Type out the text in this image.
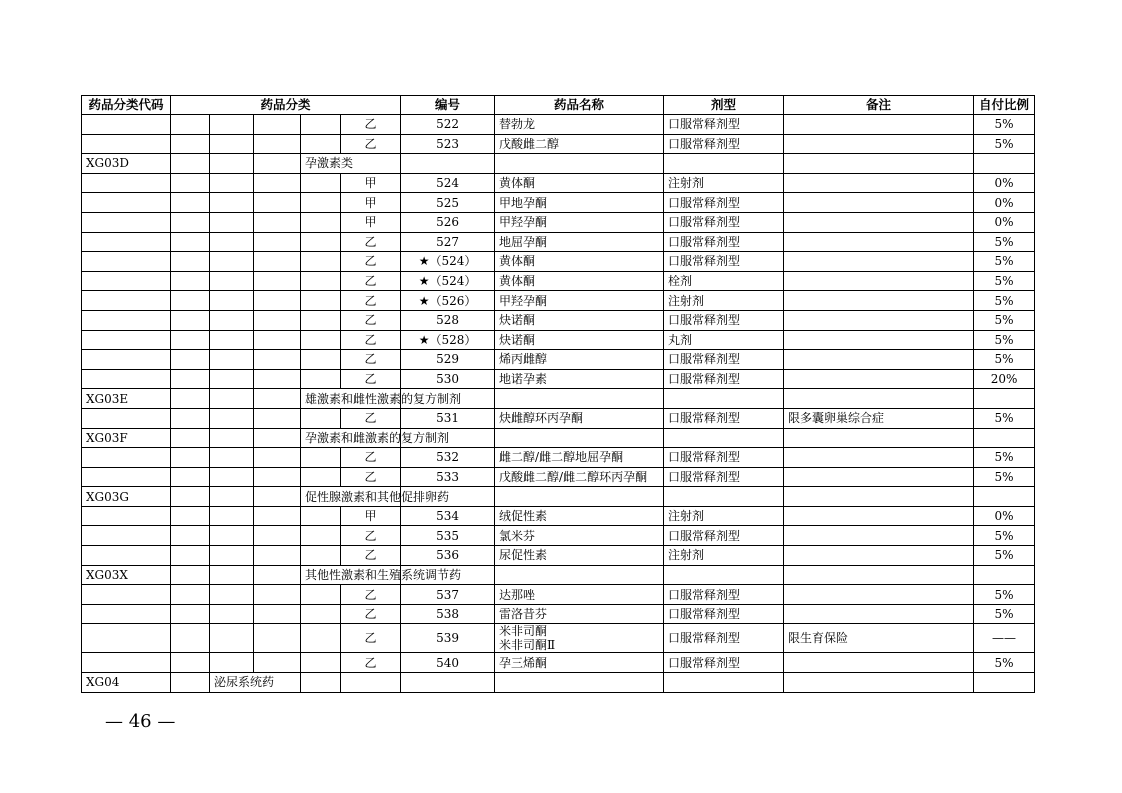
药品分类代码	药品分类					编号	药品名称	剂型	备注	自付比例
					乙	522	替勃龙	口服常释剂型		5%
					乙	523	戊酸雌二醇	口服常释剂型		5%
XG03D				孕激素类						
					甲	524	黄体酮	注射剂		0%
					甲	525	甲地孕酮	口服常释剂型		0%
					甲	526	甲羟孕酮	口服常释剂型		0%
					乙	527	地屈孕酮	口服常释剂型		5%
					乙	★（524）	黄体酮	口服常释剂型		5%
					乙	★（524）	黄体酮	栓剂		5%
					乙	★（526）	甲羟孕酮	注射剂		5%
					乙	528	炔诺酮	口服常释剂型		5%
					乙	★（528）	炔诺酮	丸剂		5%
					乙	529	烯丙雌醇	口服常释剂型		5%
					乙	530	地诺孕素	口服常释剂型		20%
XG03E				雄激素和雌性激素的复方制剂						
					乙	531	炔雌醇环丙孕酮	口服常释剂型	限多囊卵巢综合症	5%
XG03F				孕激素和雌激素的复方制剂						
					乙	532	雌二醇/雌二醇地屈孕酮	口服常释剂型		5%
					乙	533	戊酸雌二醇/雌二醇环丙孕酮	口服常释剂型		5%
XG03G				促性腺激素和其他促排卵药						
					甲	534	绒促性素	注射剂		0%
					乙	535	氯米芬	口服常释剂型		5%
					乙	536	尿促性素	注射剂		5%
XG03X				其他性激素和生殖系统调节药						
					乙	537	达那唑	口服常释剂型		5%
					乙	538	雷洛昔芬	口服常释剂型		5%
					乙	539	米非司酮
米非司酮Ⅱ	口服常释剂型	限生育保险	——
					乙	540	孕三烯酮	口服常释剂型		5%
XG04		泌尿系统药								
— 46 —
